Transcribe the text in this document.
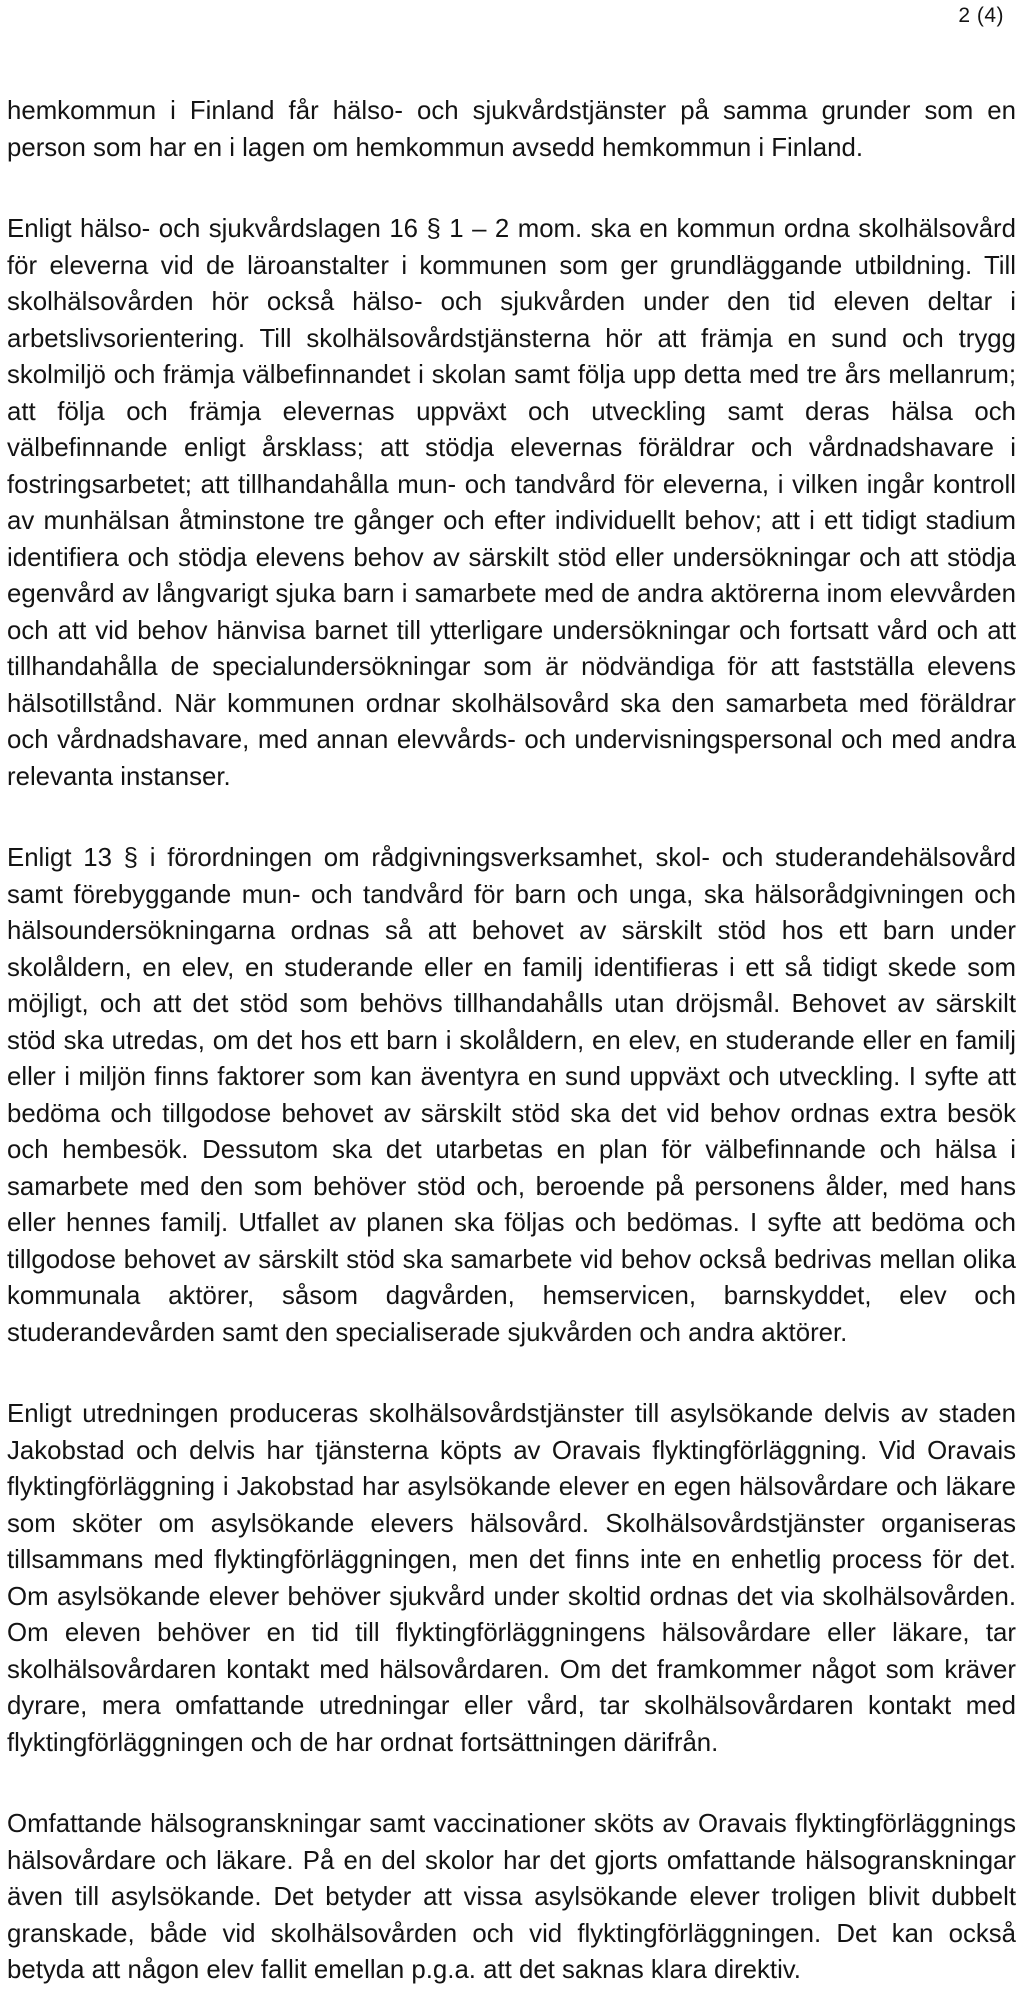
2 (4)

hemkommun i Finland får hälso- och sjukvårdstjänster på samma grunder som en person som har en i lagen om hemkommun avsedd hemkommun i Finland.

Enligt hälso- och sjukvårdslagen 16 § 1 – 2 mom. ska en kommun ordna skolhälsovård för eleverna vid de läroanstalter i kommunen som ger grundläggande utbildning. Till skolhälsovården hör också hälso- och sjukvården under den tid eleven deltar i arbetslivsorientering. Till skolhälsovårdstjänsterna hör att främja en sund och trygg skolmiljö och främja välbefinnandet i skolan samt följa upp detta med tre års mellanrum; att följa och främja elevernas uppväxt och utveckling samt deras hälsa och välbefinnande enligt årsklass; att stödja elevernas föräldrar och vårdnadshavare i fostringsarbetet; att tillhandahålla mun- och tandvård för eleverna, i vilken ingår kontroll av munhälsan åtminstone tre gånger och efter individuellt behov; att i ett tidigt stadium identifiera och stödja elevens behov av särskilt stöd eller undersökningar och att stödja egenvård av långvarigt sjuka barn i samarbete med de andra aktörerna inom elevvården och att vid behov hänvisa barnet till ytterligare undersökningar och fortsatt vård och att tillhandahålla de specialundersökningar som är nödvändiga för att fastställa elevens hälsotillstånd. När kommunen ordnar skolhälsovård ska den samarbeta med föräldrar och vårdnadshavare, med annan elevvårds- och undervisningspersonal och med andra relevanta instanser.

Enligt 13 § i förordningen om rådgivningsverksamhet, skol- och studerandehälsovård samt förebyggande mun- och tandvård för barn och unga, ska hälsorådgivningen och hälsoundersökningarna ordnas så att behovet av särskilt stöd hos ett barn under skolåldern, en elev, en studerande eller en familj identifieras i ett så tidigt skede som möjligt, och att det stöd som behövs tillhandahålls utan dröjsmål. Behovet av särskilt stöd ska utredas, om det hos ett barn i skolåldern, en elev, en studerande eller en familj eller i miljön finns faktorer som kan äventyra en sund uppväxt och utveckling. I syfte att bedöma och tillgodose behovet av särskilt stöd ska det vid behov ordnas extra besök och hembesök. Dessutom ska det utarbetas en plan för välbefinnande och hälsa i samarbete med den som behöver stöd och, beroende på personens ålder, med hans eller hennes familj. Utfallet av planen ska följas och bedömas. I syfte att bedöma och tillgodose behovet av särskilt stöd ska samarbete vid behov också bedrivas mellan olika kommunala aktörer, såsom dagvården, hemservicen, barnskyddet, elev och studerandevården samt den specialiserade sjukvården och andra aktörer.

Enligt utredningen produceras skolhälsovårdstjänster till asylsökande delvis av staden Jakobstad och delvis har tjänsterna köpts av Oravais flyktingförläggning. Vid Oravais flyktingförläggning i Jakobstad har asylsökande elever en egen hälsovårdare och läkare som sköter om asylsökande elevers hälsovård. Skolhälsovårdstjänster organiseras tillsammans med flyktingförläggningen, men det finns inte en enhetlig process för det. Om asylsökande elever behöver sjukvård under skoltid ordnas det via skolhälsovården. Om eleven behöver en tid till flyktingförläggningens hälsovårdare eller läkare, tar skolhälsovårdaren kontakt med hälsovårdaren. Om det framkommer något som kräver dyrare, mera omfattande utredningar eller vård, tar skolhälsovårdaren kontakt med flyktingförläggningen och de har ordnat fortsättningen därifrån.

Omfattande hälsogranskningar samt vaccinationer sköts av Oravais flyktingförläggnings hälsovårdare och läkare. På en del skolor har det gjorts omfattande hälsogranskningar även till asylsökande. Det betyder att vissa asylsökande elever troligen blivit dubbelt granskade, både vid skolhälsovården och vid flyktingförläggningen. Det kan också betyda att någon elev fallit emellan p.g.a. att det saknas klara direktiv.
